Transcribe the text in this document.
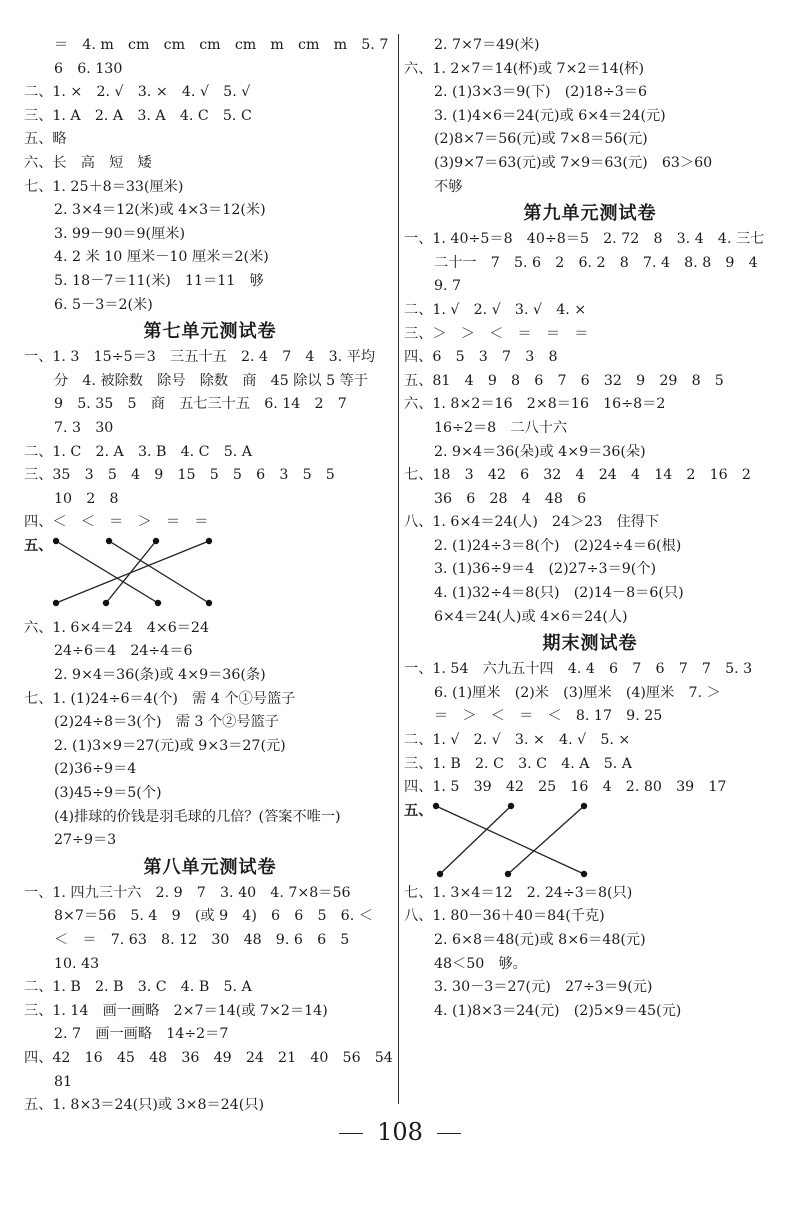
＝　4. m　cm　cm　cm　cm　m　cm　m　5. 7
6　6. 130
二、1. ×　2. √　3. ×　4. √　5. √
三、1. A　2. A　3. A　4. C　5. C
五、略
六、长　高　短　矮
七、1. 25＋8＝33(厘米)
2. 3×4＝12(米)或 4×3＝12(米)
3. 99－90＝9(厘米)
4. 2 米 10 厘米－10 厘米＝2(米)
5. 18－7＝11(米)　11＝11　够
6. 5－3＝2(米)
第七单元测试卷
一、1. 3　15÷5＝3　三五十五　2. 4　7　4　3. 平均
分　4. 被除数　除号　除数　商　45 除以 5 等于
9　5. 35　5　商　五七三十五　6. 14　2　7
7. 3　30
二、1. C　2. A　3. B　4. C　5. A
三、35　3　5　4　9　15　5　5　6　3　5　5
10　2　8
四、＜　＜　＝　＞　＝　＝
五、
六、1. 6×4＝24　4×6＝24
24÷6＝4　24÷4＝6
2. 9×4＝36(条)或 4×9＝36(条)
七、1. (1)24÷6＝4(个)　需 4 个①号篮子
(2)24÷8＝3(个)　需 3 个②号篮子
2. (1)3×9＝27(元)或 9×3＝27(元)
(2)36÷9＝4
(3)45÷9＝5(个)
(4)排球的价钱是羽毛球的几倍？(答案不唯一)
27÷9＝3
第八单元测试卷
一、1. 四九三十六　2. 9　7　3. 40　4. 7×8＝56
8×7＝56　5. 4　9　(或 9　4)　6　6　5　6. ＜
＜　＝　7. 63　8. 12　30　48　9. 6　6　5
10. 43
二、1. B　2. B　3. C　4. B　5. A
三、1. 14　画一画略　2×7＝14(或 7×2＝14)
2. 7　画一画略　14÷2＝7
四、42　16　45　48　36　49　24　21　40　56　54
81
五、1. 8×3＝24(只)或 3×8＝24(只)
2. 7×7＝49(米)
六、1. 2×7＝14(杯)或 7×2＝14(杯)
2. (1)3×3＝9(下)　(2)18÷3＝6
3. (1)4×6＝24(元)或 6×4＝24(元)
(2)8×7＝56(元)或 7×8＝56(元)
(3)9×7＝63(元)或 7×9＝63(元)　63＞60
不够
第九单元测试卷
一、1. 40÷5＝8　40÷8＝5　2. 72　8　3. 4　4. 三七
二十一　7　5. 6　2　6. 2　8　7. 4　8. 8　9　4
9. 7
二、1. √　2. √　3. √　4. ×
三、＞　＞　＜　＝　＝　＝
四、6　5　3　7　3　8
五、81　4　9　8　6　7　6　32　9　29　8　5
六、1. 8×2＝16　2×8＝16　16÷8＝2
16÷2＝8　二八十六
2. 9×4＝36(朵)或 4×9＝36(朵)
七、18　3　42　6　32　4　24　4　14　2　16　2
36　6　28　4　48　6
八、1. 6×4＝24(人)　24＞23　住得下
2. (1)24÷3＝8(个)　(2)24÷4＝6(根)
3. (1)36÷9＝4　(2)27÷3＝9(个)
4. (1)32÷4＝8(只)　(2)14－8＝6(只)
6×4＝24(人)或 4×6＝24(人)
期末测试卷
一、1. 54　六九五十四　4. 4　6　7　6　7　7　5. 3
6. (1)厘米　(2)米　(3)厘米　(4)厘米　7. ＞
＝　＞　＜　＝　＜　8. 17　9. 25
二、1. √　2. √　3. ×　4. √　5. ×
三、1. B　2. C　3. C　4. A　5. A
四、1. 5　39　42　25　16　4　2. 80　39　17
五、
七、1. 3×4＝12　2. 24÷3＝8(只)
八、1. 80－36＋40＝84(千克)
2. 6×8＝48(元)或 8×6＝48(元)
48＜50　够。
3. 30－3＝27(元)　27÷3＝9(元)
4. (1)8×3＝24(元)　(2)5×9＝45(元)
108
